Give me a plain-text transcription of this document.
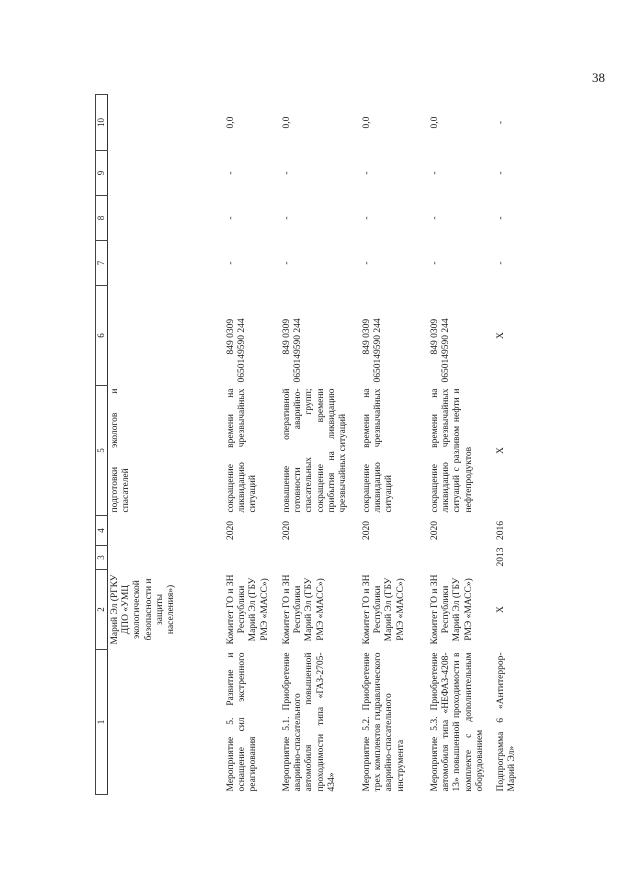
38
1	2	3	4	5	6	7	8	9	10
	Марий Эл (РГКУ ДПО «УМЦ экологической безопасности и защиты населения»)			подготовки экологов и спасателей					
Мероприятие 5. Развитие и оснащение сил экстренного реагирования	Комитет ГО и ЗН Республики Марий Эл (ГБУ РМЭ «МАСС»)		2020	сокращение времени на ликвидацию чрезвычайных ситуаций	849 0309 0650149590 244	-	-	-	0,0
Мероприятие 5.1. Приобретение аварийно-спасательного автомобиля повышенной проходимости типа «ГАЗ-2705-434»	Комитет ГО и ЗН Республики Марий Эл (ГБУ РМЭ «МАСС»)		2020	повышение оперативной готовности аварийно-спасательных групп; сокращение времени прибытия на ликвидацию чрезвычайных ситуаций	849 0309 0650149590 244	-	-	-	0,0
Мероприятие 5.2. Приобретение трех комплектов гидравлического аварийно-спасательного инструмента	Комитет ГО и ЗН Республики Марий Эл (ГБУ РМЭ «МАСС»)		2020	сокращение времени на ликвидацию чрезвычайных ситуаций	849 0309 0650149590 244	-	-	-	0,0
Мероприятие 5.3. Приобретение автомобиля типа «НЕФАЗ-4208-13» повышенной проходимости в комплекте с дополнительным оборудованием	Комитет ГО и ЗН Республики Марий Эл (ГБУ РМЭ «МАСС»)		2020	сокращение времени на ликвидацию чрезвычайных ситуаций с разливом нефти и нефтепродуктов	849 0309 0650149590 244	-	-	-	0,0
Подпрограмма 6 «Антитеррор-Марий Эл»	X	2013	2016	X	X	-	-	-	-
